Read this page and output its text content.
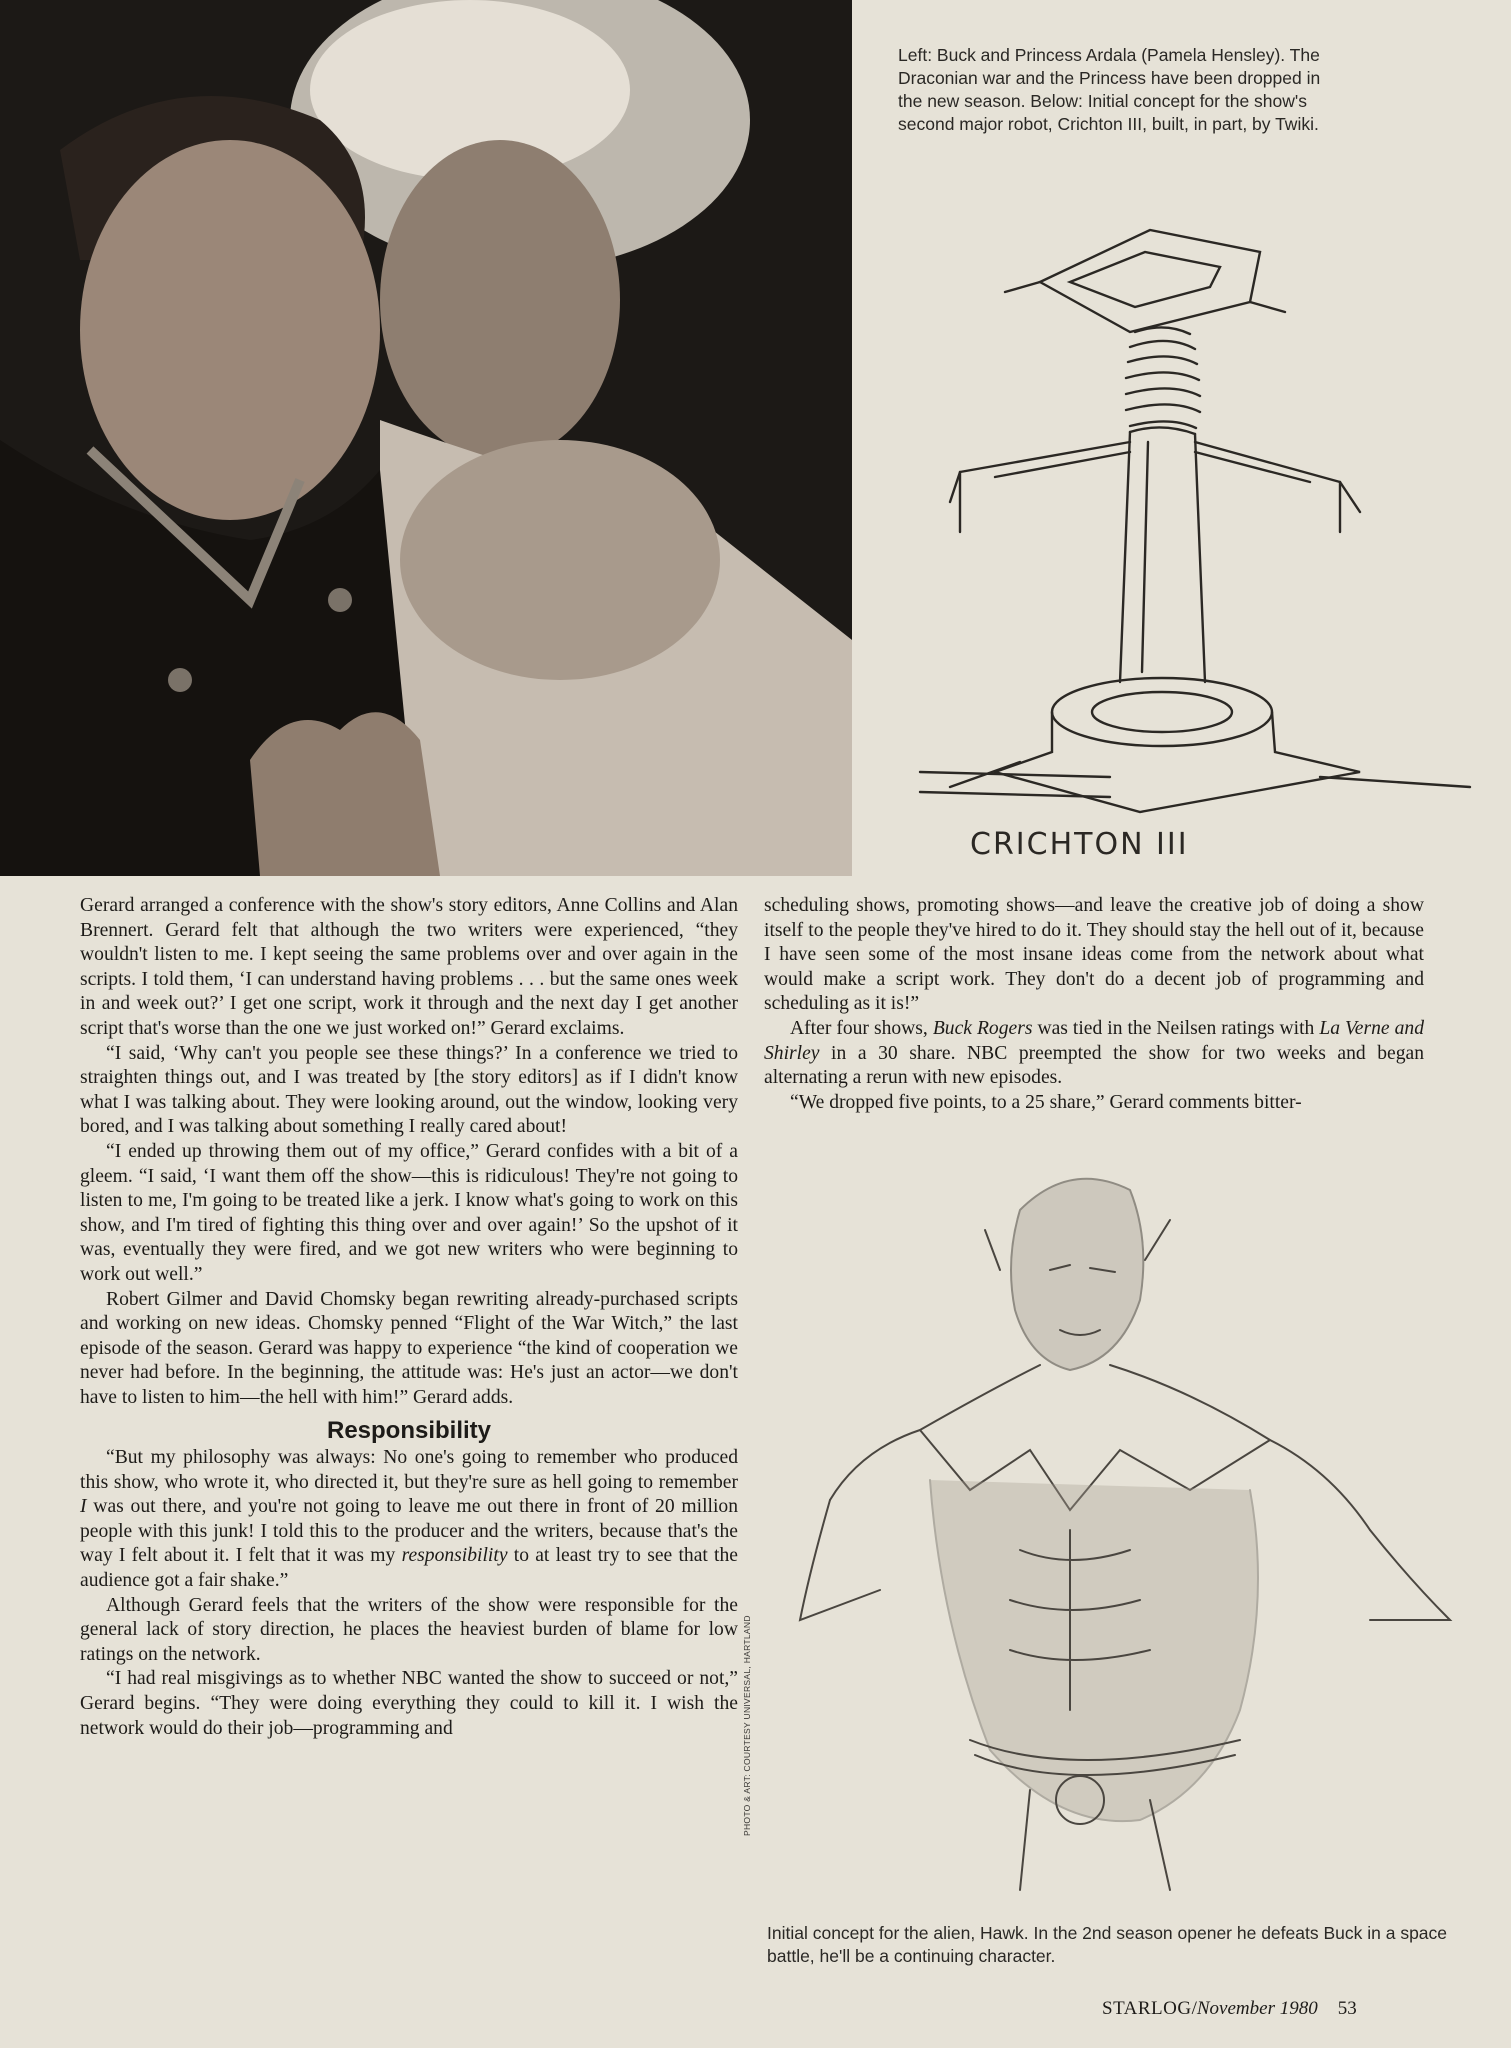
Left: Buck and Princess Ardala (Pamela Hensley). The Draconian war and the Princess have been dropped in the new season. Below: Initial concept for the show's second major robot, Crichton III, built, in part, by Twiki.
CRICHTON III

Gerard arranged a conference with the show's story editors, Anne Collins and Alan Brennert. Gerard felt that although the two writers were experienced, “they wouldn't listen to me. I kept seeing the same problems over and over again in the scripts. I told them, ‘I can understand having problems . . . but the same ones week in and week out?’ I get one script, work it through and the next day I get another script that's worse than the one we just worked on!” Gerard exclaims.

“I said, ‘Why can't you people see these things?’ In a conference we tried to straighten things out, and I was treated by [the story editors] as if I didn't know what I was talking about. They were looking around, out the window, looking very bored, and I was talking about something I really cared about!

“I ended up throwing them out of my office,” Gerard confides with a bit of a gleem. “I said, ‘I want them off the show—this is ridiculous! They're not going to listen to me, I'm going to be treated like a jerk. I know what's going to work on this show, and I'm tired of fighting this thing over and over again!’ So the upshot of it was, eventually they were fired, and we got new writers who were beginning to work out well.”

Robert Gilmer and David Chomsky began rewriting already-purchased scripts and working on new ideas. Chomsky penned “Flight of the War Witch,” the last episode of the season. Gerard was happy to experience “the kind of cooperation we never had before. In the beginning, the attitude was: He's just an actor—we don't have to listen to him—the hell with him!” Gerard adds.

Responsibility

“But my philosophy was always: No one's going to remember who produced this show, who wrote it, who directed it, but they're sure as hell going to remember I was out there, and you're not going to leave me out there in front of 20 million people with this junk! I told this to the producer and the writers, because that's the way I felt about it. I felt that it was my responsibility to at least try to see that the audience got a fair shake.”

Although Gerard feels that the writers of the show were responsible for the general lack of story direction, he places the heaviest burden of blame for low ratings on the network.

“I had real misgivings as to whether NBC wanted the show to succeed or not,” Gerard begins. “They were doing everything they could to kill it. I wish the network would do their job—programming and

scheduling shows, promoting shows—and leave the creative job of doing a show itself to the people they've hired to do it. They should stay the hell out of it, because I have seen some of the most insane ideas come from the network about what would make a script work. They don't do a decent job of programming and scheduling as it is!”

After four shows, Buck Rogers was tied in the Neilsen ratings with La Verne and Shirley in a 30 share. NBC preempted the show for two weeks and began alternating a rerun with new episodes.

“We dropped five points, to a 25 share,” Gerard comments bitter-

PHOTO & ART: COURTESY UNIVERSAL, HARTLAND
Initial concept for the alien, Hawk. In the 2nd season opener he defeats Buck in a space battle, he'll be a continuing character.
STARLOG/November 1980 53
